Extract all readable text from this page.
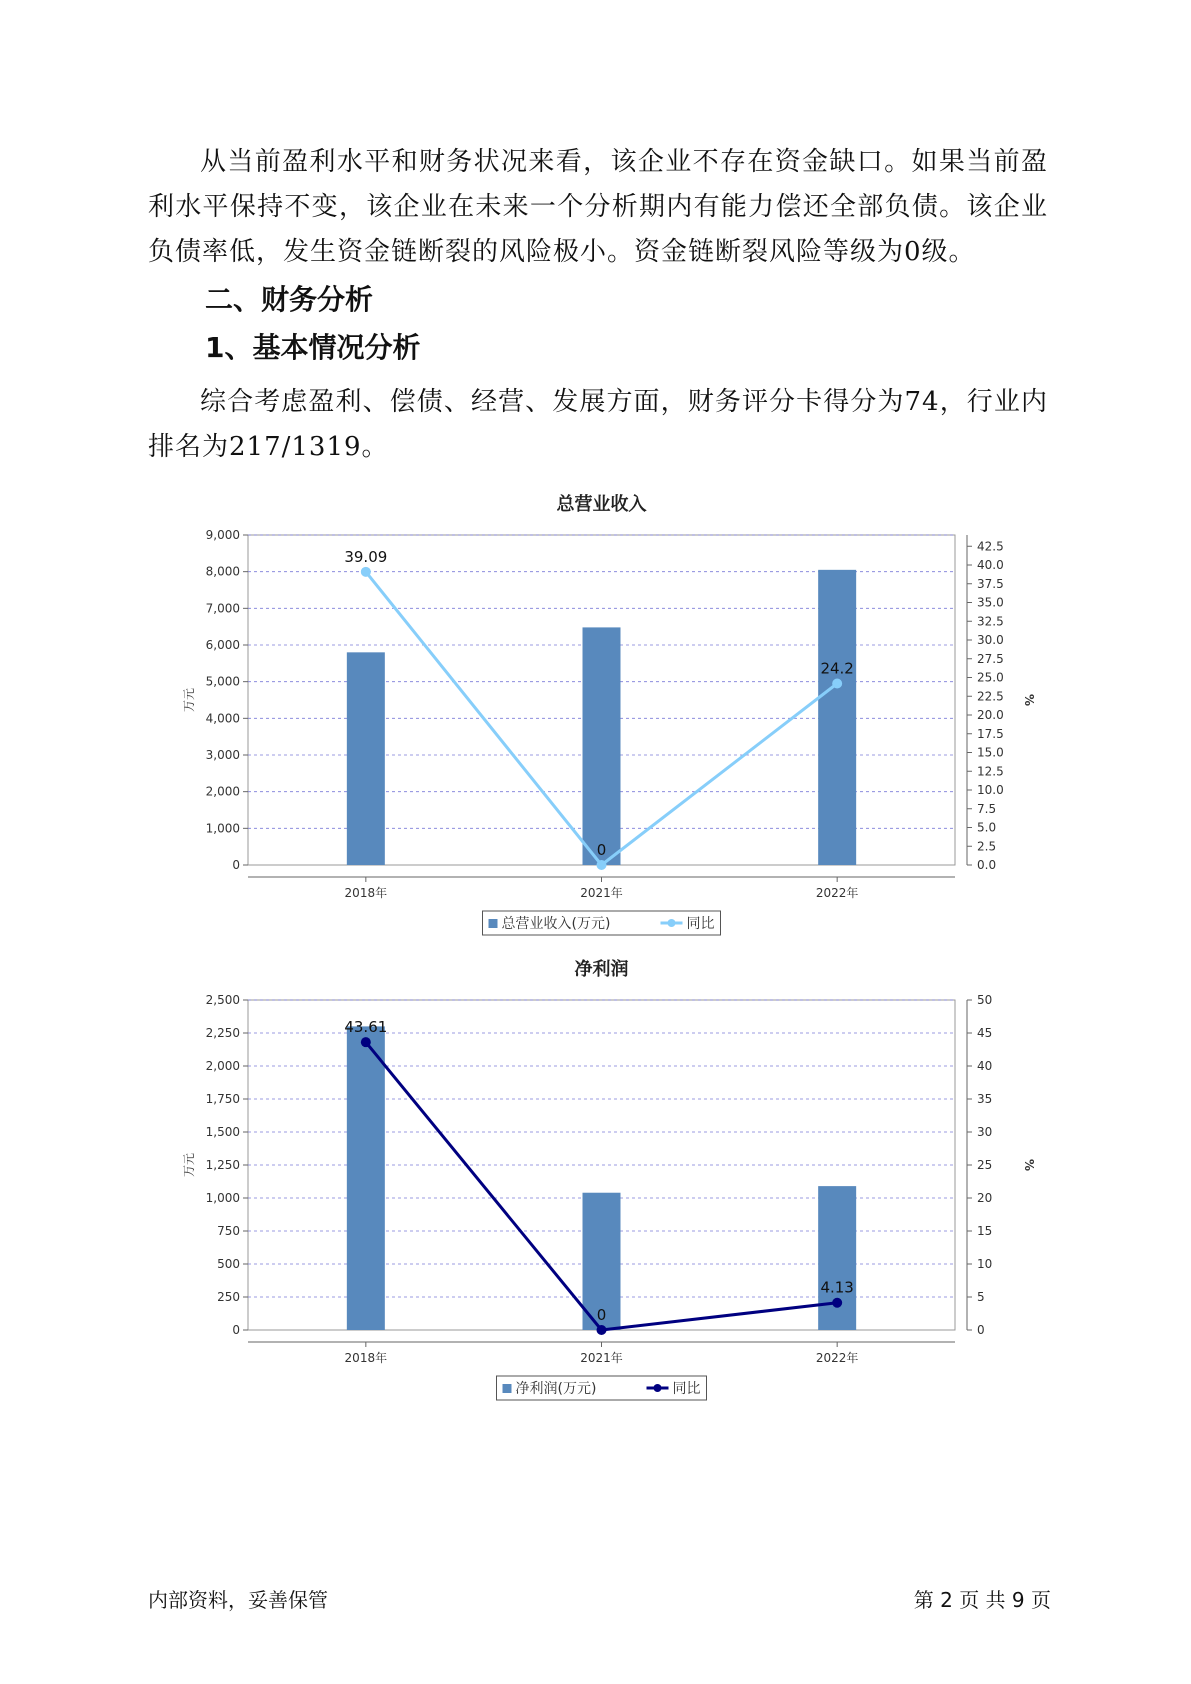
从当前盈利水平和财务状况来看，该企业不存在资金缺口。如果当前盈利水平保持不变，该企业在未来一个分析期内有能力偿还全部负债。该企业负债率低，发生资金链断裂的风险极小。资金链断裂风险等级为0级。

二、财务分析
1、基本情况分析

综合考虑盈利、偿债、经营、发展方面，财务评分卡得分为74，行业内排名为217/1319。

总营业收入
0
1,000
2,000
3,000
4,000
5,000
6,000
7,000
8,000
9,000
0.0
2.5
5.0
7.5
10.0
12.5
15.0
17.5
20.0
22.5
25.0
27.5
30.0
32.5
35.0
37.5
40.0
42.5
万元	%
2018年	2021年	2022年
39.09
0
24.2
总营业收入(万元)	同比
净利润
0
250
500
750
1,000
1,250
1,500
1,750
2,000
2,250
2,500
0
5
10
15
20
25
30
35
40
45
50
万元	%
2018年	2021年	2022年
43.61
0
4.13
净利润(万元)	同比
内部资料，妥善保管	第 2 页 共 9 页
